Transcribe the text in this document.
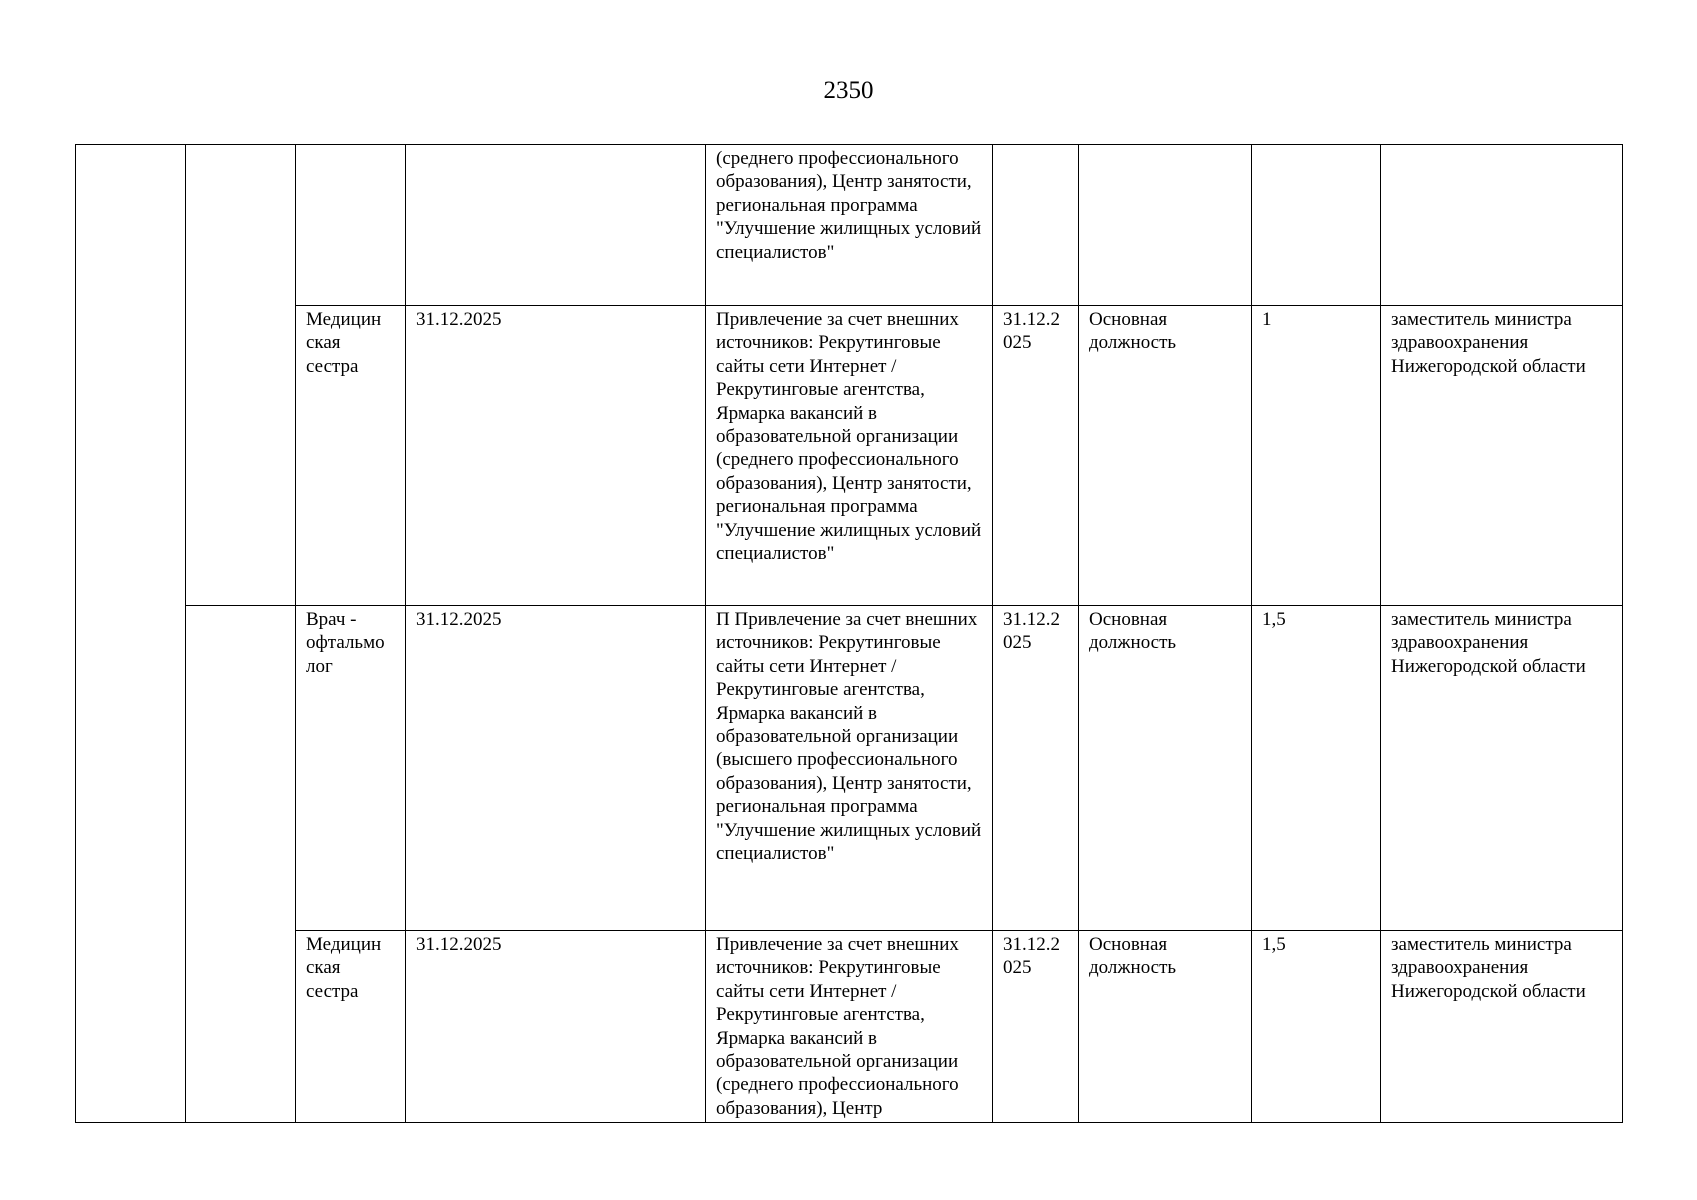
2350
				(среднего профессионального образования), Центр занятости, региональная программа "Улучшение жилищных условий специалистов"				
		Медицин ская сестра	31.12.2025	Привлечение за счет внешних источников: Рекрутинговые сайты сети Интернет / Рекрутинговые агентства, Ярмарка вакансий в образовательной организации (среднего профессионального образования), Центр занятости, региональная программа "Улучшение жилищных условий специалистов"	31.12.2 025	Основная должность	1	заместитель министра здравоохранения Нижегородской области
		Врач - офтальмо лог	31.12.2025	П Привлечение за счет внешних источников: Рекрутинговые сайты сети Интернет / Рекрутинговые агентства, Ярмарка вакансий в образовательной организации (высшего профессионального образования), Центр занятости, региональная программа "Улучшение жилищных условий специалистов"	31.12.2 025	Основная должность	1,5	заместитель министра здравоохранения Нижегородской области
		Медицин ская сестра	31.12.2025	Привлечение за счет внешних источников: Рекрутинговые сайты сети Интернет / Рекрутинговые агентства, Ярмарка вакансий в образовательной организации (среднего профессионального образования), Центр	31.12.2 025	Основная должность	1,5	заместитель министра здравоохранения Нижегородской области
